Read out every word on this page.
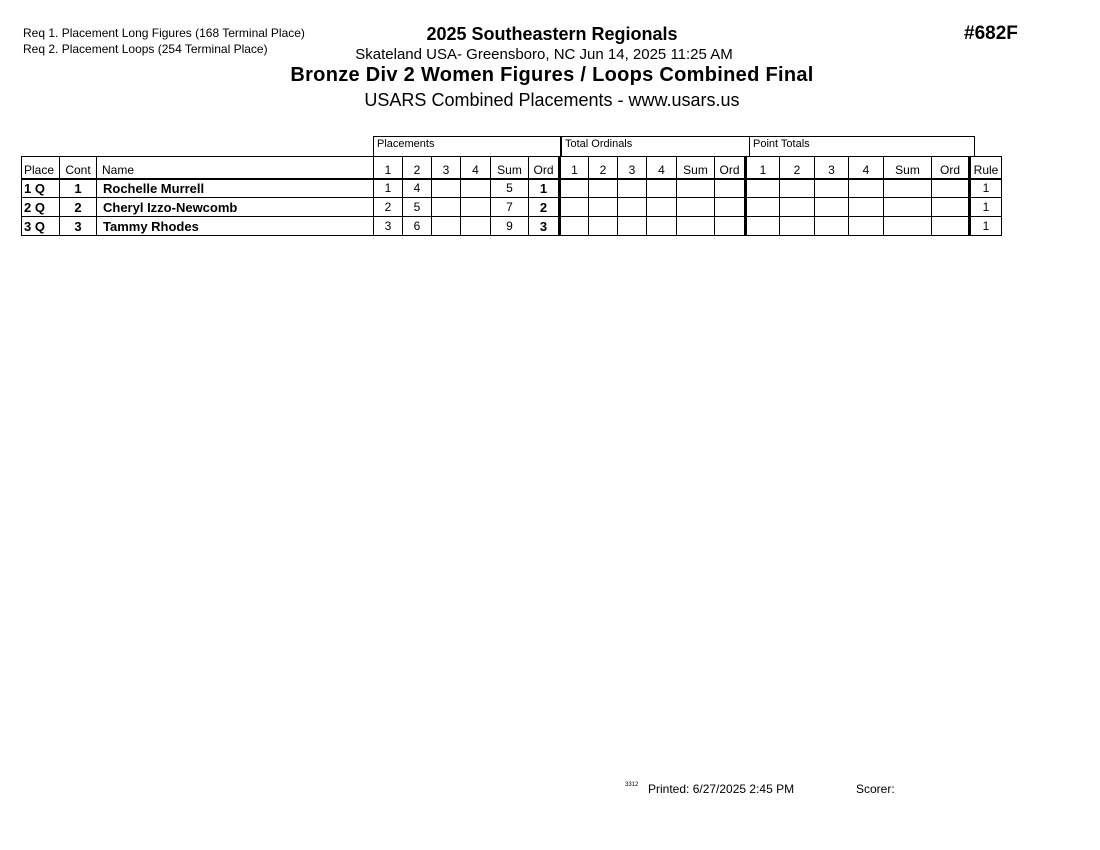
Req 1. Placement Long Figures (168 Terminal Place)
Req 2. Placement Loops (254 Terminal Place)
2025 Southeastern Regionals
Skateland USA- Greensboro, NC Jun 14, 2025 11:25 AM
Bronze Div 2 Women Figures / Loops Combined Final
USARS Combined Placements - www.usars.us
#682F
Placements	Total Ordinals	Point Totals
Place	Cont	Name	1	2	3	4	Sum	Ord	1	2	3	4	Sum	Ord	1	2	3	4	Sum	Ord	Rule
1 Q	1	Rochelle Murrell	1	4			5	1													1
2 Q	2	Cheryl Izzo-Newcomb	2	5			7	2													1
3 Q	3	Tammy Rhodes	3	6			9	3													1
3312 Printed: 6/27/2025 2:45 PM	Scorer:
